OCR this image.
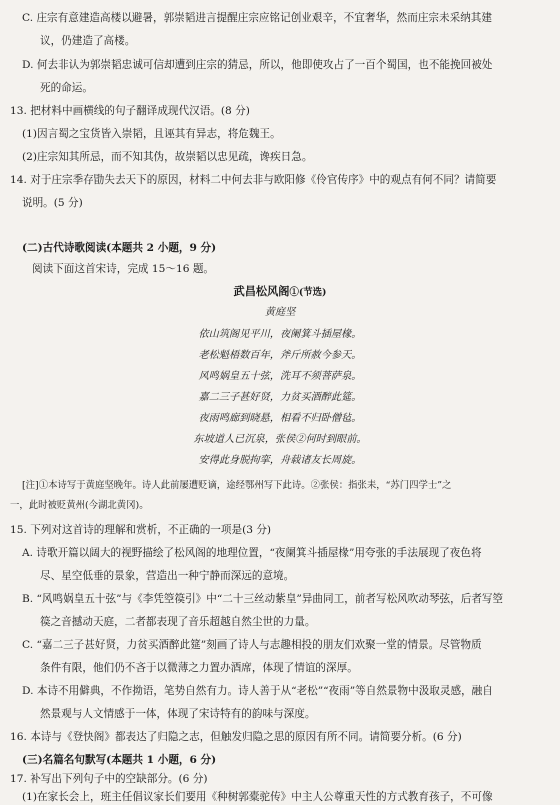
C. 庄宗有意建造高楼以避暑，郭崇韬进言提醒庄宗应铭记创业艰辛，不宜奢华，然而庄宗未采纳其建
议，仍建造了高楼。
D. 何去非认为郭崇韬忠诚可信却遭到庄宗的猜忌，所以，他即使攻占了一百个蜀国，也不能挽回被处
死的命运。
13. 把材料中画横线的句子翻译成现代汉语。(8 分)
(1)因言蜀之宝货皆入崇韬，且诬其有异志，将危魏王。
(2)庄宗知其所忌，而不知其伪，故崇韬以忠见疏，谗疾日急。
14. 对于庄宗季存勖失去天下的原因，材料二中何去非与欧阳修《伶官传序》中的观点有何不同？请简要
说明。(5 分)
(二)古代诗歌阅读(本题共 2 小题，9 分)
阅读下面这首宋诗，完成 15～16 题。
武昌松风阁①(节选)
黄庭坚
依山筑阁见平川，夜阑箕斗插屋椽。
老松魁梧数百年，斧斤所赦今参天。
风鸣娲皇五十弦，洗耳不须菩萨泉。
嘉二三子甚好贤，力贫买酒醉此筵。
夜雨鸣廊到晓悬，相看不归卧僧毡。
东坡道人已沉泉，张侯②何时到眼前。
安得此身脱拘挛，舟载诸友长周旋。
[注]①本诗写于黄庭坚晚年。诗人此前屡遭贬谪，途经鄂州写下此诗。②张侯：指张耒，“苏门四学士”之
一，此时被贬黄州(今湖北黄冈)。
15. 下列对这首诗的理解和赏析，不正确的一项是(3 分)
A. 诗歌开篇以阔大的视野描绘了松风阁的地理位置，“夜阑箕斗插屋椽”用夸张的手法展现了夜色将
尽、星空低垂的景象，营造出一种宁静而深远的意境。
B. “风鸣娲皇五十弦”与《李凭箜篌引》中“二十三丝动紫皇”异曲同工，前者写松风吹动琴弦，后者写箜
篌之音撼动天庭，二者都表现了音乐超越自然尘世的力量。
C. “嘉二三子甚好贤，力贫买酒醉此筵”刻画了诗人与志趣相投的朋友们欢聚一堂的情景。尽管物质
条件有限，他们仍不吝于以微薄之力置办酒席，体现了情谊的深厚。
D. 本诗不用僻典，不作拗语，笔势自然有力。诗人善于从“老松”“夜雨”等自然景物中汲取灵感，融自
然景观与人文情感于一体，体现了宋诗特有的韵味与深度。
16. 本诗与《登快阁》都表达了归隐之志，但触发归隐之思的原因有所不同。请简要分析。(6 分)
(三)名篇名句默写(本题共 1 小题，6 分)
17. 补写出下列句子中的空缺部分。(6 分)
(1)在家长会上，班主任倡议家长们要用《种树郭橐驼传》中主人公尊重天性的方式教育孩子，不可像
